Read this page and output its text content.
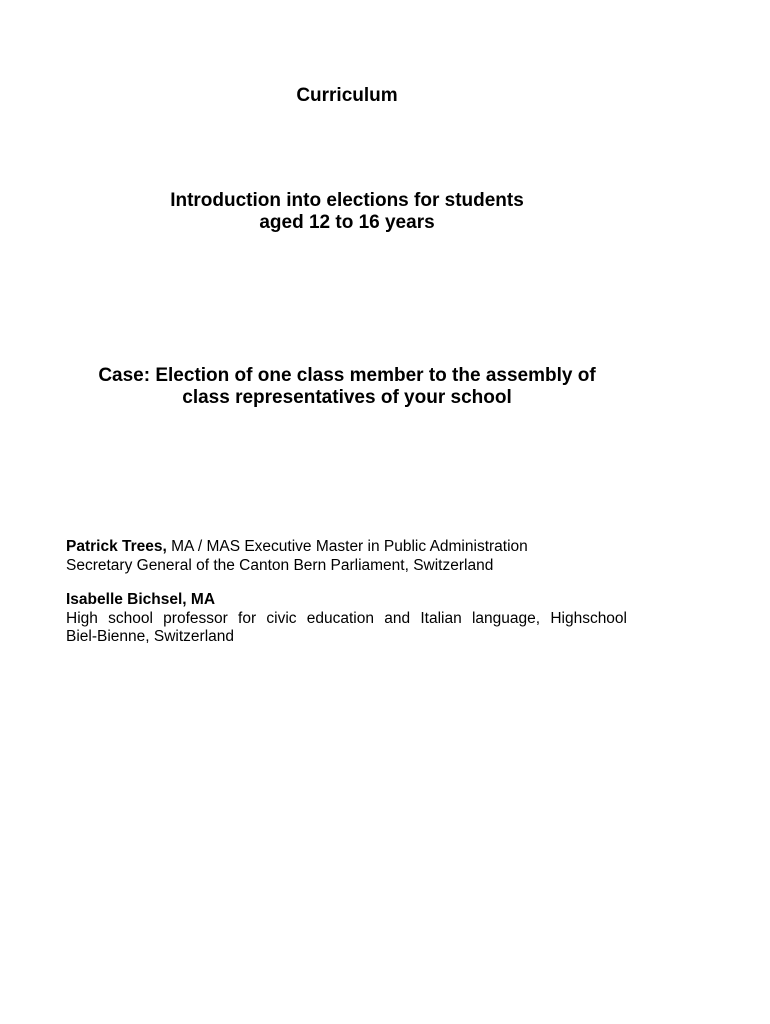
Curriculum
Introduction into elections for students
aged 12 to 16 years
Case: Election of one class member to the assembly of
class representatives of your school
Patrick Trees, MA / MAS Executive Master in Public Administration
Secretary General of the Canton Bern Parliament, Switzerland
Isabelle Bichsel, MA
High school professor for civic education and Italian language, Highschool
Biel-Bienne, Switzerland
